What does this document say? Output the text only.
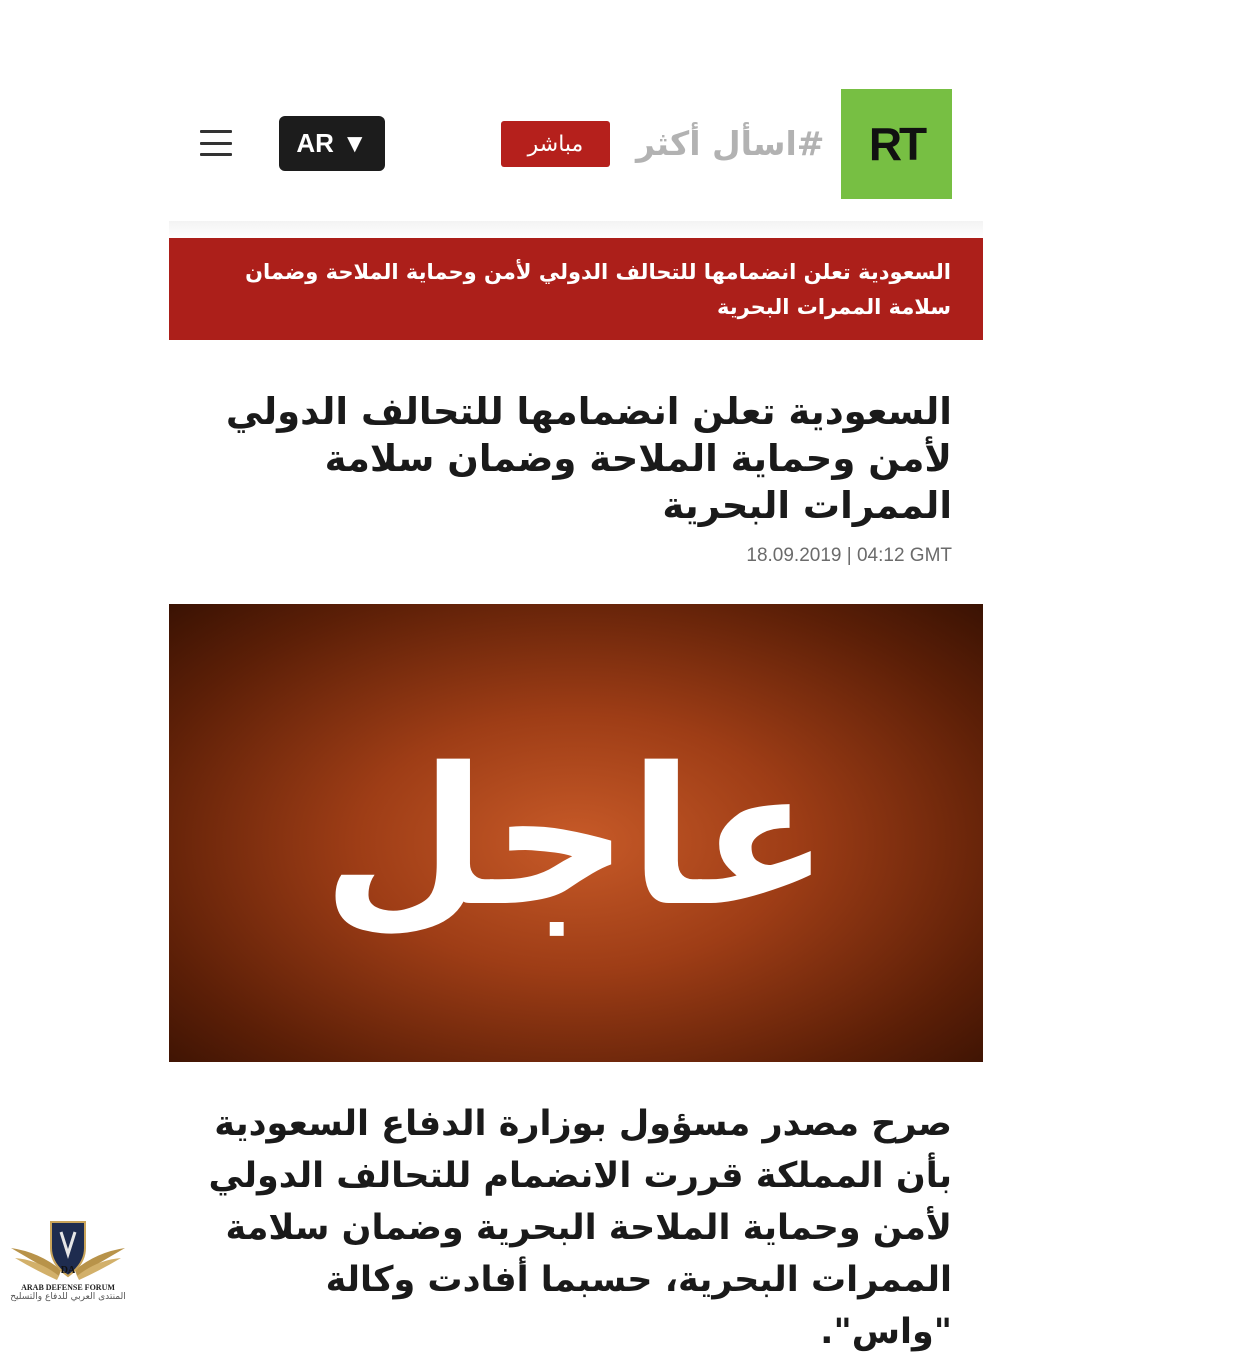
AR ▼	مباشر	#اسأل أكثر RT
السعودية تعلن انضمامها للتحالف الدولي لأمن وحماية الملاحة وضمان سلامة الممرات البحرية
السعودية تعلن انضمامها للتحالف الدولي لأمن وحماية الملاحة وضمان سلامة الممرات البحرية
18.09.2019 | 04:12 GMT
عاجل

صرح مصدر مسؤول بوزارة الدفاع السعودية بأن المملكة قررت الانضمام للتحالف الدولي لأمن وحماية الملاحة البحرية وضمان سلامة الممرات البحرية، حسبما أفادت وكالة "واس".

DA
ARAB DEFENSE FORUM
المنتدى العربي للدفاع والتسليح
